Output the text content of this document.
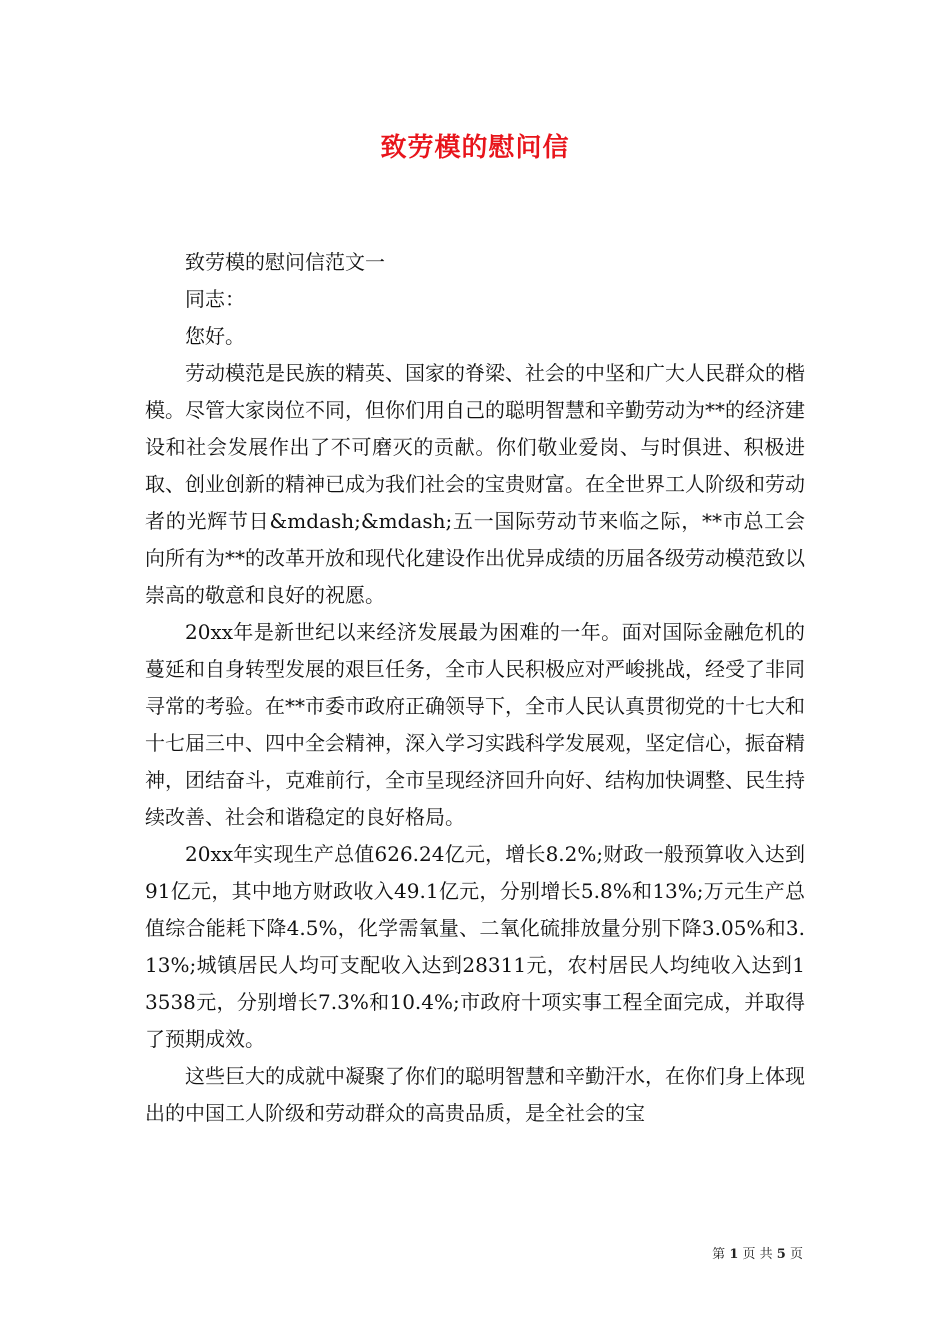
致劳模的慰问信

致劳模的慰问信范文一

同志：

您好。

劳动模范是民族的精英、国家的脊梁、社会的中坚和广大人民群众的楷模。尽管大家岗位不同，但你们用自己的聪明智慧和辛勤劳动为**的经济建设和社会发展作出了不可磨灭的贡献。你们敬业爱岗、与时俱进、积极进取、创业创新的精神已成为我们社会的宝贵财富。在全世界工人阶级和劳动者的光辉节日&mdash;&mdash;五一国际劳动节来临之际，**市总工会向所有为**的改革开放和现代化建设作出优异成绩的历届各级劳动模范致以崇高的敬意和良好的祝愿。

20xx年是新世纪以来经济发展最为困难的一年。面对国际金融危机的蔓延和自身转型发展的艰巨任务，全市人民积极应对严峻挑战，经受了非同寻常的考验。在**市委市政府正确领导下，全市人民认真贯彻党的十七大和十七届三中、四中全会精神，深入学习实践科学发展观，坚定信心，振奋精神，团结奋斗，克难前行，全市呈现经济回升向好、结构加快调整、民生持续改善、社会和谐稳定的良好格局。

20xx年实现生产总值626.24亿元，增长8.2%;财政一般预算收入达到91亿元，其中地方财政收入49.1亿元，分别增长5.8%和13%;万元生产总值综合能耗下降4.5%，化学需氧量、二氧化硫排放量分别下降3.05%和3.13%;城镇居民人均可支配收入达到28311元，农村居民人均纯收入达到13538元，分别增长7.3%和10.4%;市政府十项实事工程全面完成，并取得了预期成效。

这些巨大的成就中凝聚了你们的聪明智慧和辛勤汗水，在你们身上体现出的中国工人阶级和劳动群众的高贵品质，是全社会的宝

第 1 页 共 5 页
